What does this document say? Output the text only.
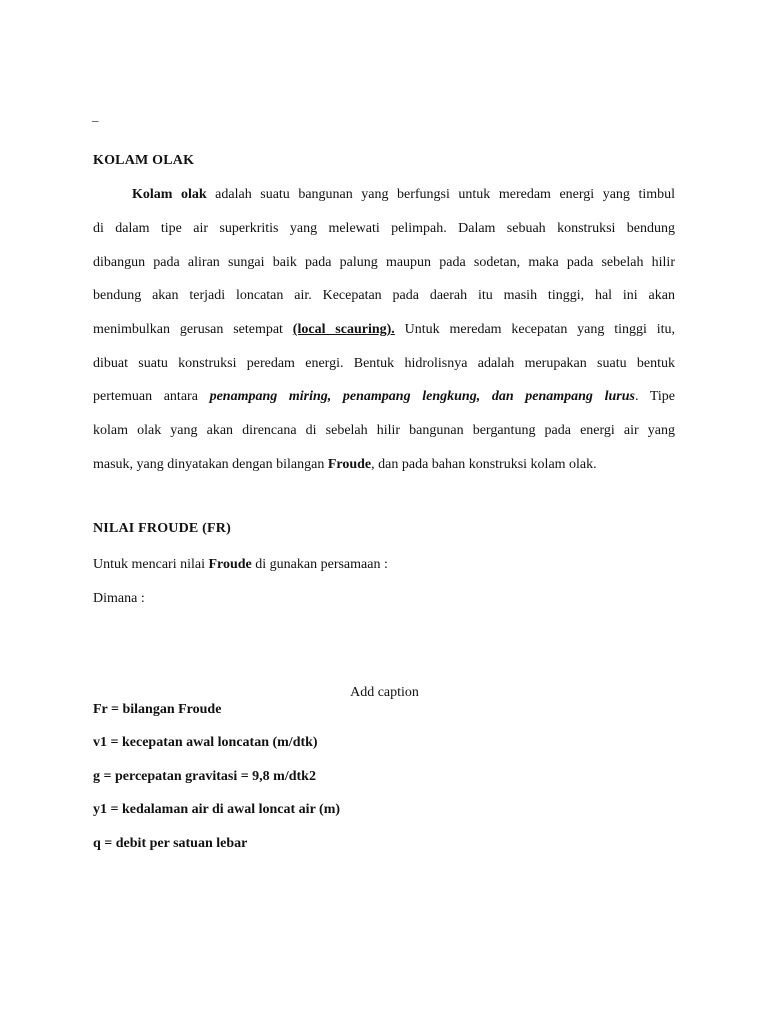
_
KOLAM OLAK
Kolam olak adalah suatu bangunan yang berfungsi untuk meredam energi yang timbul
di dalam tipe air superkritis yang melewati pelimpah. Dalam sebuah konstruksi bendung
dibangun pada aliran sungai baik pada palung maupun pada sodetan, maka pada sebelah hilir
bendung akan terjadi loncatan air. Kecepatan pada daerah itu masih tinggi, hal ini akan
menimbulkan gerusan setempat (local scauring). Untuk meredam kecepatan yang tinggi itu,
dibuat suatu konstruksi peredam energi. Bentuk hidrolisnya adalah merupakan suatu bentuk
pertemuan antara penampang miring, penampang lengkung, dan penampang lurus. Tipe
kolam olak yang akan direncana di sebelah hilir bangunan bergantung pada energi air yang
masuk, yang dinyatakan dengan bilangan Froude, dan pada bahan konstruksi kolam olak.
NILAI FROUDE (FR)
Untuk mencari nilai Froude di gunakan persamaan :
Dimana :
Add caption
Fr = bilangan Froude
v1 = kecepatan awal loncatan (m/dtk)
g = percepatan gravitasi = 9,8 m/dtk2
y1 = kedalaman air di awal loncat air (m)
q = debit per satuan lebar
